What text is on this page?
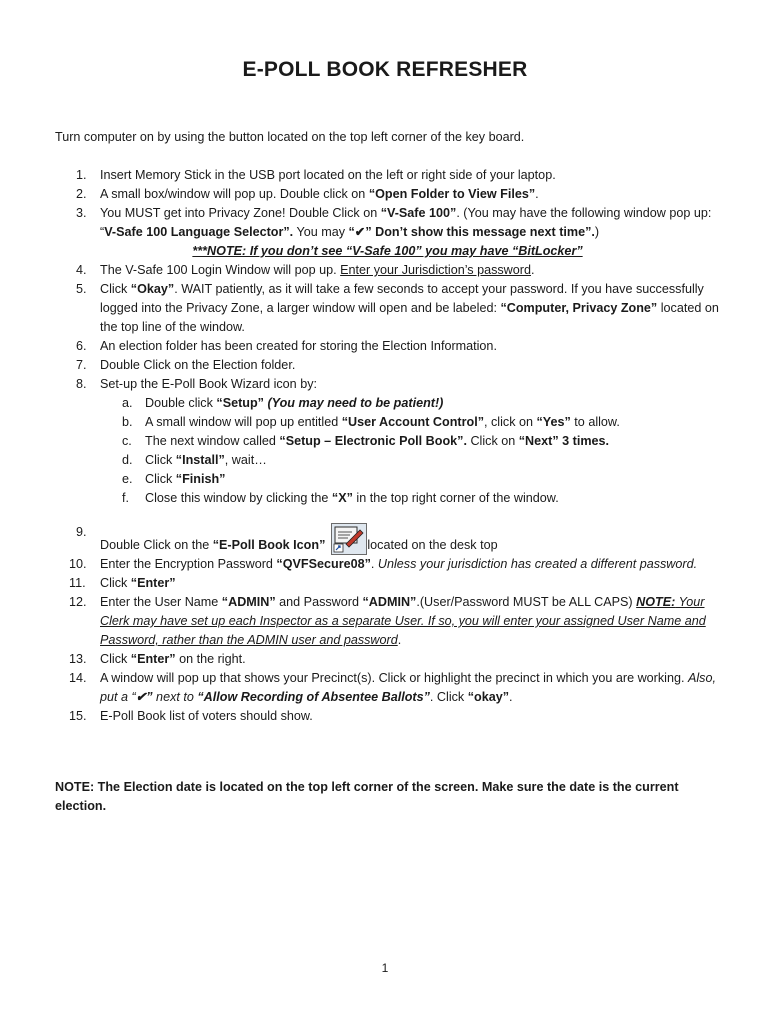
E-POLL BOOK REFRESHER
Turn computer on by using the button located on the top left corner of the key board.
1.	Insert Memory Stick in the USB port located on the left or right side of your laptop.
2.	A small box/window will pop up. Double click on “Open Folder to View Files”.
3.	You MUST get into Privacy Zone! Double Click on “V-Safe 100”. (You may have the following window pop up: “V-Safe 100 Language Selector”. You may “✔” Don’t show this message next time”.)
***NOTE: If you don’t see “V-Safe 100” you may have “BitLocker”
4.	The V-Safe 100 Login Window will pop up. Enter your Jurisdiction’s password.
5.	Click “Okay”. WAIT patiently, as it will take a few seconds to accept your password. If you have successfully logged into the Privacy Zone, a larger window will open and be labeled: “Computer, Privacy Zone” located on the top line of the window.
6.	An election folder has been created for storing the Election Information.
7.	Double Click on the Election folder.
8.	Set-up the E-Poll Book Wizard icon by:
a. Double click “Setup” (You may need to be patient!)
b. A small window will pop up entitled “User Account Control”, click on “Yes” to allow.
c. The next window called “Setup – Electronic Poll Book”. Click on “Next” 3 times.
d. Click “Install”, wait…
e. Click “Finish”
f. Close this window by clicking the “X” in the top right corner of the window.
9.
Double Click on the “E-Poll Book Icon”	located on the desk top
10.	Enter the Encryption Password “QVFSecure08”. Unless your jurisdiction has created a different password.
11.	Click “Enter”
12.	Enter the User Name “ADMIN” and Password “ADMIN”.(User/Password MUST be ALL CAPS) NOTE: Your Clerk may have set up each Inspector as a separate User. If so, you will enter your assigned User Name and Password, rather than the ADMIN user and password.
13.	Click “Enter” on the right.
14.	A window will pop up that shows your Precinct(s). Click or highlight the precinct in which you are working. Also, put a “✔” next to “Allow Recording of Absentee Ballots”. Click “okay”.
15.	E-Poll Book list of voters should show.
NOTE: The Election date is located on the top left corner of the screen. Make sure the date is the current election.
1
